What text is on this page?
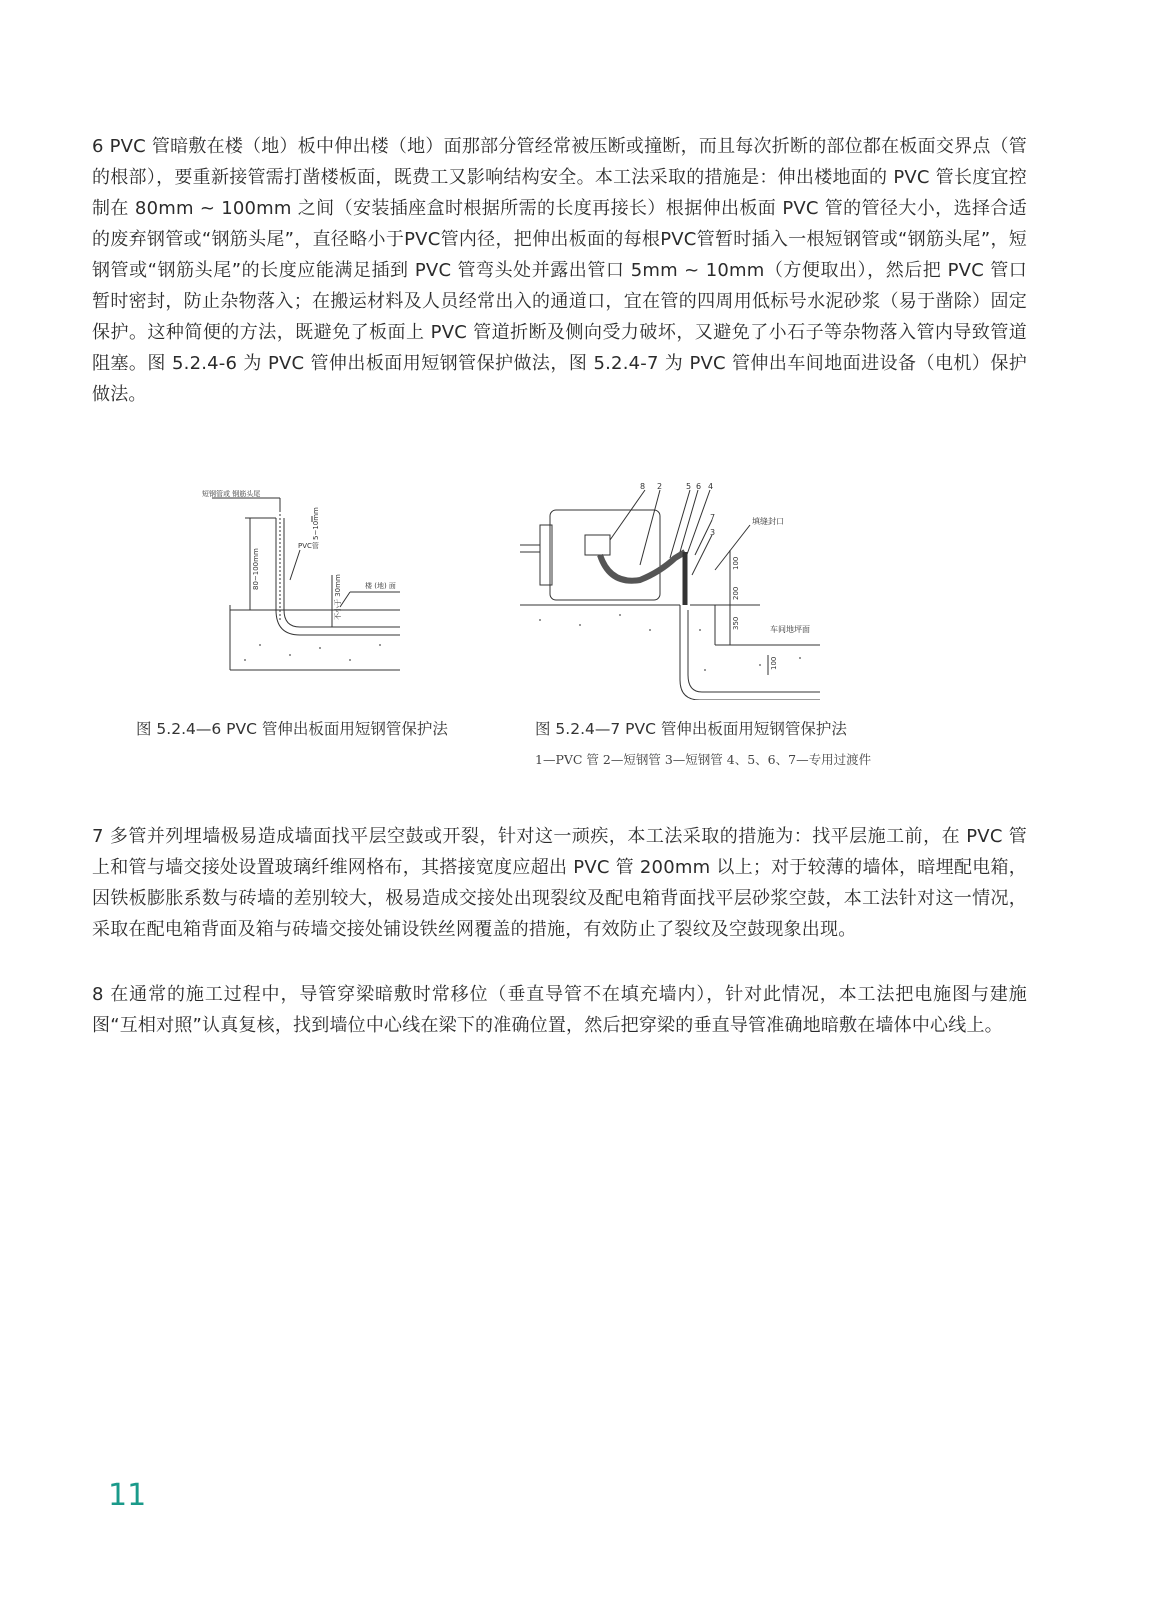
6 PVC 管暗敷在楼（地）板中伸出楼（地）面那部分管经常被压断或撞断，而且每次折断的部位都在板面交界点（管的根部），要重新接管需打凿楼板面，既费工又影响结构安全。本工法采取的措施是：伸出楼地面的 PVC 管长度宜控制在 80mm ~ 100mm 之间（安装插座盒时根据所需的长度再接长）根据伸出板面 PVC 管的管径大小，选择合适的废弃钢管或“钢筋头尾”，直径略小于PVC管内径，把伸出板面的每根PVC管暂时插入一根短钢管或“钢筋头尾”，短钢管或“钢筋头尾”的长度应能满足插到 PVC 管弯头处并露出管口 5mm ~ 10mm（方便取出），然后把 PVC 管口暂时密封，防止杂物落入；在搬运材料及人员经常出入的通道口，宜在管的四周用低标号水泥砂浆（易于凿除）固定保护。这种简便的方法，既避免了板面上 PVC 管道折断及侧向受力破坏，又避免了小石子等杂物落入管内导致管道阻塞。图 5.2.4-6 为 PVC 管伸出板面用短钢管保护做法，图 5.2.4-7 为 PVC 管伸出车间地面进设备（电机）保护做法。
短钢管或 钢筋头尾
5~10mm
80~100mm
PVC管
楼 (地) 面
不小于 30mm
8 2	5 6 4
7
3
填缝封口
100
200
350	车间地坪面
100
图 5.2.4—6 PVC 管伸出板面用短钢管保护法	图 5.2.4—7 PVC 管伸出板面用短钢管保护法
1—PVC 管 2—短钢管 3—短钢管 4、5、6、7—专用过渡件
7 多管并列埋墙极易造成墙面找平层空鼓或开裂，针对这一顽疾，本工法采取的措施为：找平层施工前，在 PVC 管上和管与墙交接处设置玻璃纤维网格布，其搭接宽度应超出 PVC 管 200mm 以上；对于较薄的墙体，暗埋配电箱，因铁板膨胀系数与砖墙的差别较大，极易造成交接处出现裂纹及配电箱背面找平层砂浆空鼓，本工法针对这一情况，采取在配电箱背面及箱与砖墙交接处铺设铁丝网覆盖的措施，有效防止了裂纹及空鼓现象出现。
8 在通常的施工过程中，导管穿梁暗敷时常移位（垂直导管不在填充墙内），针对此情况，本工法把电施图与建施图“互相对照”认真复核，找到墙位中心线在梁下的准确位置，然后把穿梁的垂直导管准确地暗敷在墙体中心线上。
11
